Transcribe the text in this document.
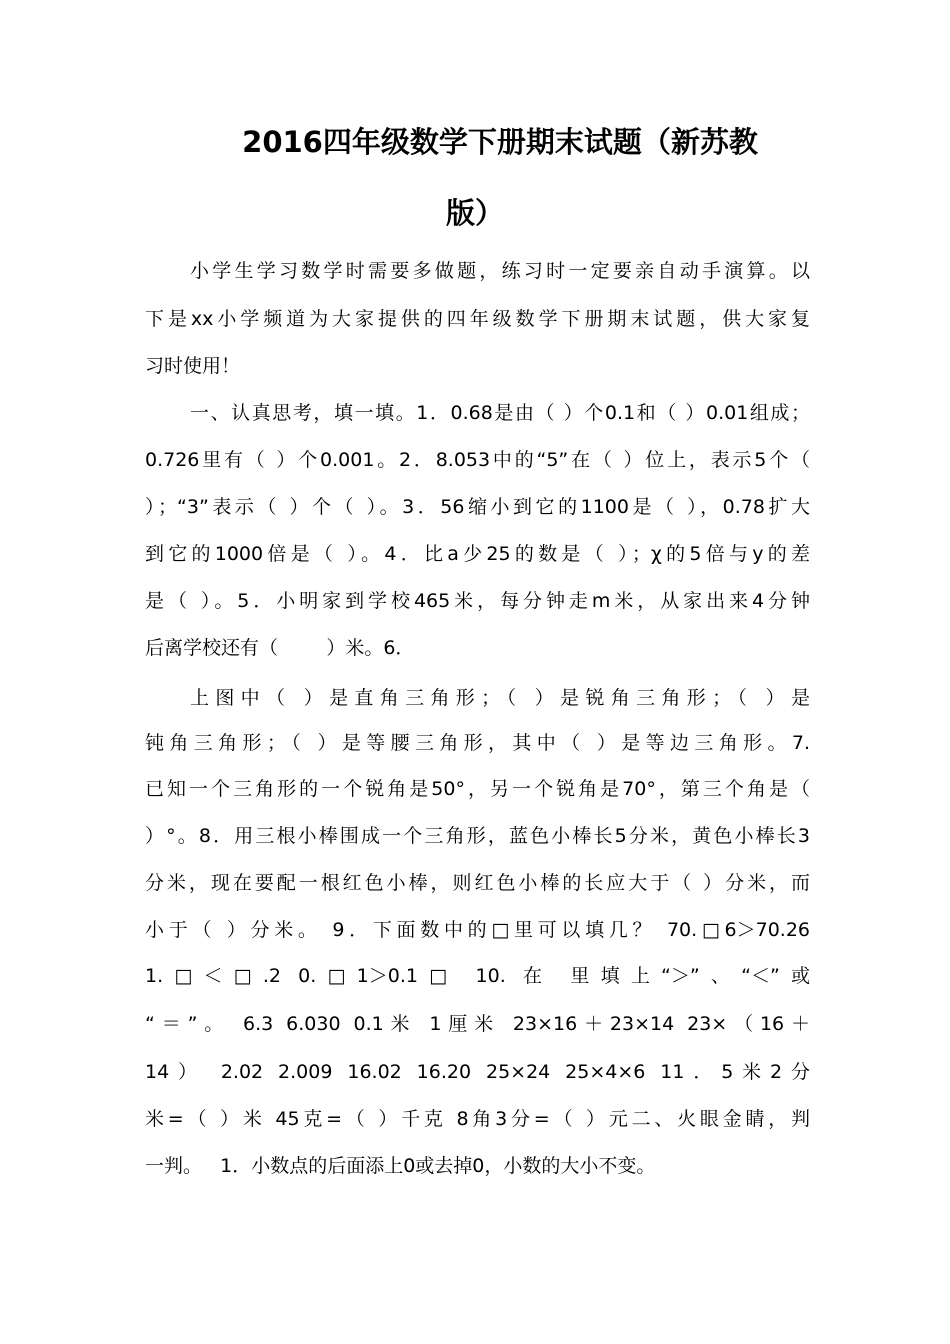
2016四年级数学下册期末试题（新苏教
版）
小学生学习数学时需要多做题，练习时一定要亲自动手演算。以
下是xx小学频道为大家提供的四年级数学下册期末试题，供大家复
习时使用！
一、认真思考，填一填。1．0.68是由（ ）个0.1和（ ）0.01组成；
0.726里有（ ）个0.001。2．8.053中的“5”在（ ）位上，表示5个（
）；“3”表示（ ）个（ ）。3．56缩小到它的1100是（ ），0.78扩大
到它的1000倍是（ ）。4．比a少25的数是（ ）；χ的5倍与y的差
是（ ）。5．小明家到学校465米，每分钟走m米，从家出来4分钟
后离学校还有（        ）米。6．
上图中（ ）是直角三角形；（ ）是锐角三角形；（ ）是
钝角三角形；（ ）是等腰三角形，其中（ ）是等边三角形。7.
已知一个三角形的一个锐角是50°，另一个锐角是70°，第三个角是（
）°。8．用三根小棒围成一个三角形，蓝色小棒长5分米，黄色小棒长3
分米，现在要配一根红色小棒，则红色小棒的长应大于（ ）分米，而
小于（ ）分米。 9．下面数中的□里可以填几？ 70.□6＞70.26
1.□＜□.2 0.□1＞0.1□ 10. 在 里填上“＞”、“＜”或
“＝”。 6.3 6.030 0.1米 1厘米 23×16＋23×14 23×（16＋
14） 2.02 2.009 16.02 16.20 25×24 25×4×6 11．5米2分
米=（ ）米 45克=（ ）千克 8角3分=（ ）元二、火眼金睛，判
一判。   1．小数点的后面添上0或去掉0，小数的大小不变。
